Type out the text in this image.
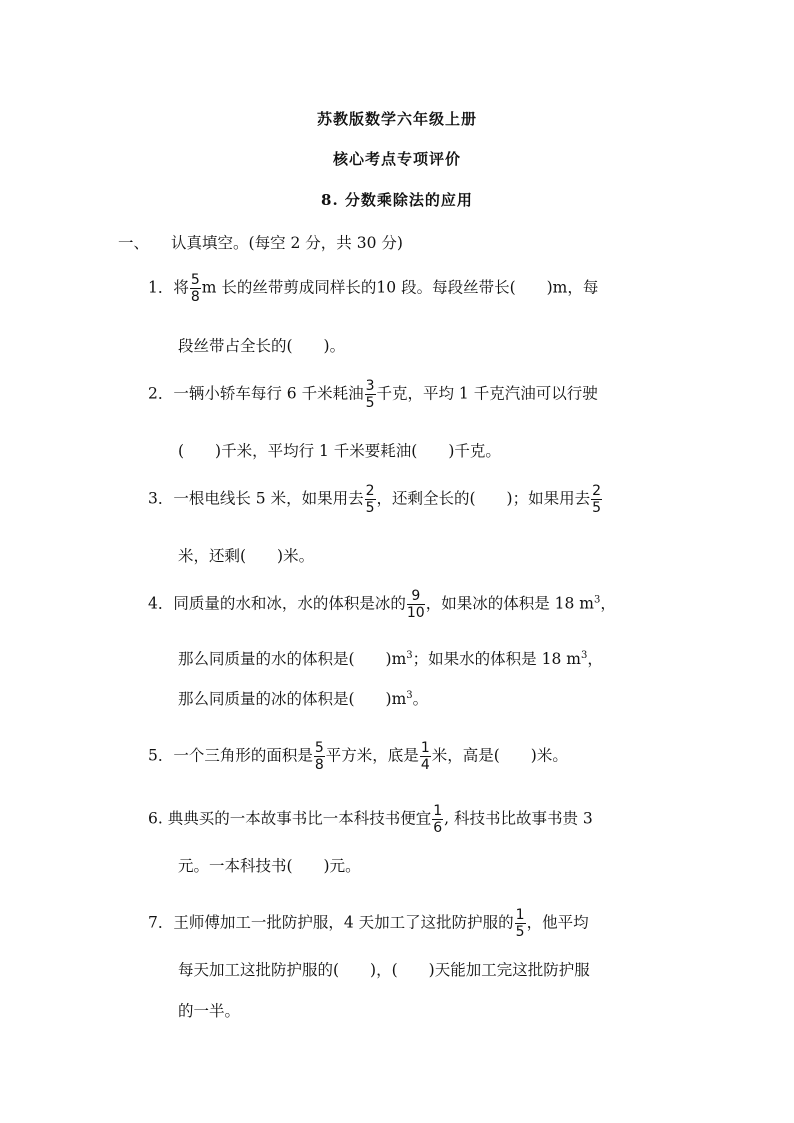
苏教版数学六年级上册
核心考点专项评价
8. 分数乘除法的应用
一、 认真填空。(每空 2 分，共 30 分)
1．将 $\frac{5}{8}$ m 长的丝带剪成同样长的10 段。每段丝带长(　　)m，每
段丝带占全长的(　　)。
2．一辆小轿车每行 6 千米耗油 $\frac{3}{5}$ 千克，平均 1 千克汽油可以行驶
(　　)千米，平均行 1 千米要耗油(　　)千克。
3．一根电线长 5 米，如果用去 $\frac{2}{5}$ ，还剩全长的(　　)；如果用去 $\frac{2}{5}$
米，还剩(　　)米。
4．同质量的水和冰，水的体积是冰的 $\frac{9}{10}$ ，如果冰的体积是 18 $m^3$，
那么同质量的水的体积是(　　)$m^3$；如果水的体积是 18 $m^3$，
那么同质量的冰的体积是(　　)$m^3$。
5．一个三角形的面积是 $\frac{5}{8}$ 平方米，底是 $\frac{1}{4}$ 米，高是(　　)米。
6. 典典买的一本故事书比一本科技书便宜 $\frac{1}{6}$ , 科技书比故事书贵 3
元。一本科技书(　　)元。
7．王师傅加工一批防护服，4 天加工了这批防护服的 $\frac{1}{5}$ ，他平均
每天加工这批防护服的(　　)，(　　)天能加工完这批防护服
的一半。
